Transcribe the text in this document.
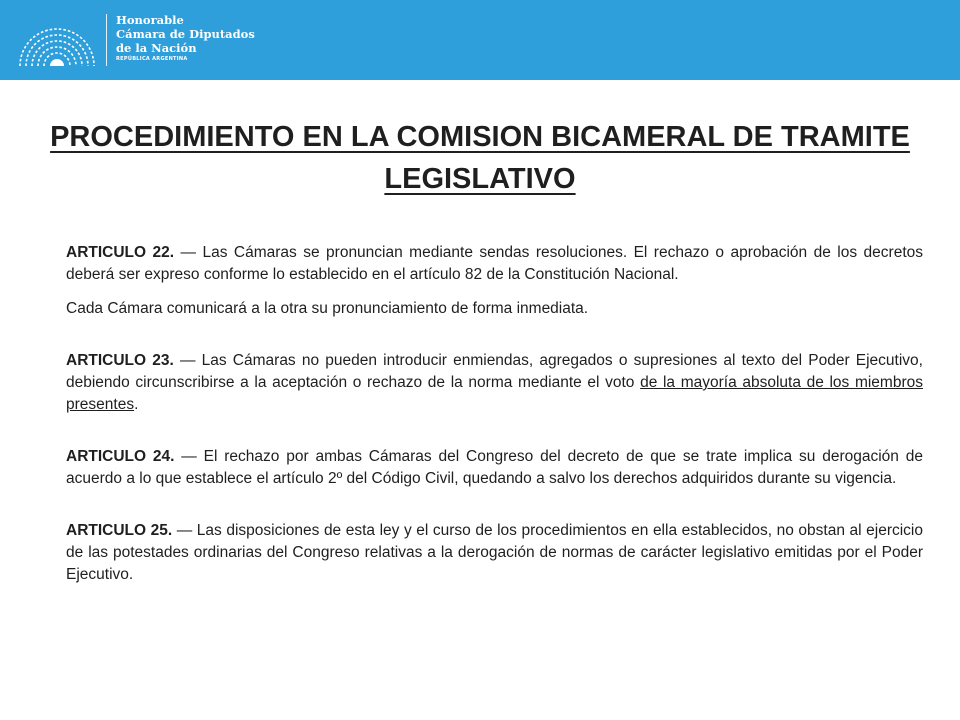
Honorable
Cámara de Diputados
de la Nación
REPÚBLICA ARGENTINA
PROCEDIMIENTO EN LA COMISION BICAMERAL DE TRAMITE LEGISLATIVO

ARTICULO 22. — Las Cámaras se pronuncian mediante sendas resoluciones. El rechazo o aprobación de los decretos deberá ser expreso conforme lo establecido en el artículo 82 de la Constitución Nacional.

Cada Cámara comunicará a la otra su pronunciamiento de forma inmediata.

ARTICULO 23. — Las Cámaras no pueden introducir enmiendas, agregados o supresiones al texto del Poder Ejecutivo, debiendo circunscribirse a la aceptación o rechazo de la norma mediante el voto de la mayoría absoluta de los miembros presentes.

ARTICULO 24. — El rechazo por ambas Cámaras del Congreso del decreto de que se trate implica su derogación de acuerdo a lo que establece el artículo 2º del Código Civil, quedando a salvo los derechos adquiridos durante su vigencia.

ARTICULO 25. — Las disposiciones de esta ley y el curso de los procedimientos en ella establecidos, no obstan al ejercicio de las potestades ordinarias del Congreso relativas a la derogación de normas de carácter legislativo emitidas por el Poder Ejecutivo.
